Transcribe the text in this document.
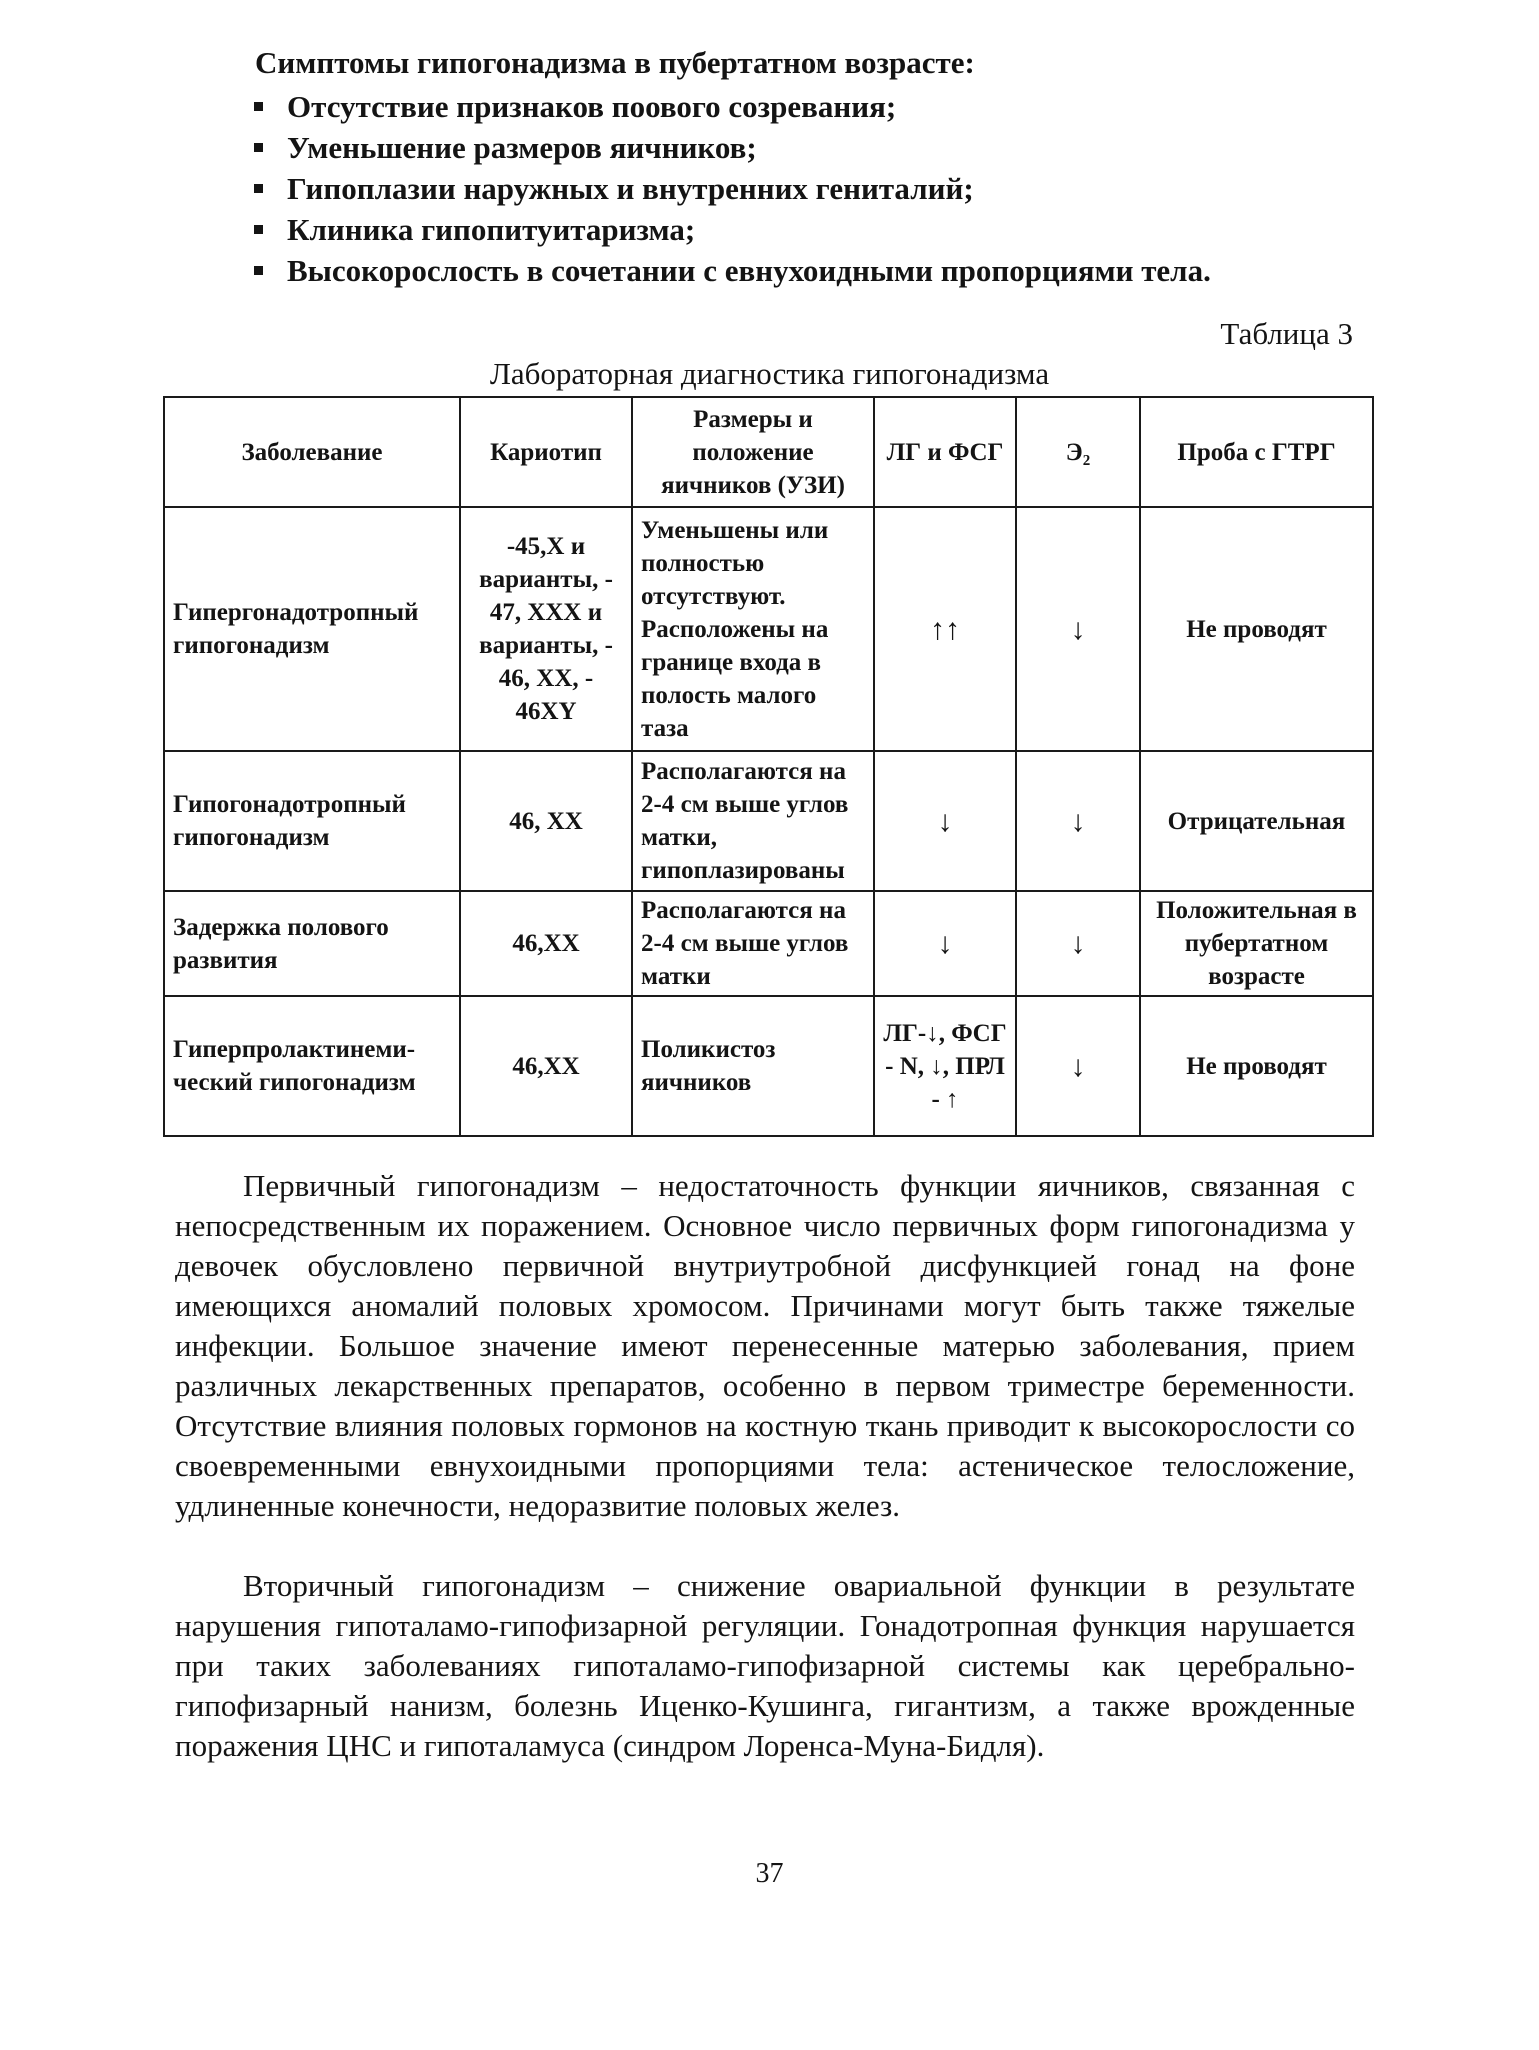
Симптомы гипогонадизма в пубертатном возрасте:
Отсутствие признаков поового созревания;
Уменьшение размеров яичников;
Гипоплазии наружных и внутренних гениталий;
Клиника гипопитуитаризма;
Высокорослость в сочетании с евнухоидными пропорциями тела.
Таблица 3
Лабораторная диагностика гипогонадизма
Заболевание	Кариотип	Размеры и положение яичников (УЗИ)	ЛГ и ФСГ	Э₂	Проба с ГТРГ
Гипергонадотропный гипогонадизм	-45,X и варианты, - 47, XXX и варианты, - 46, XX, - 46XY	Уменьшены или полностью отсутствуют. Расположены на границе входа в полость малого таза	↑↑	↓	Не проводят
Гипогонадотропный гипогонадизм	46, XX	Располагаются на 2-4 см выше углов матки, гипоплазированы	↓	↓	Отрицательная
Задержка полового развития	46,XX	Располагаются на 2-4 см выше углов матки	↓	↓	Положительная в пубертатном возрасте
Гиперпролактинеми-ческий гипогонадизм	46,XX	Поликистоз яичников	ЛГ-↓, ФСГ - N, ↓, ПРЛ - ↑	↓	Не проводят

Первичный гипогонадизм – недостаточность функции яичников, связанная с непосредственным их поражением. Основное число первичных форм гипогонадизма у девочек обусловлено первичной внутриутробной дисфункцией гонад на фоне имеющихся аномалий половых хромосом. Причинами могут быть также тяжелые инфекции. Большое значение имеют перенесенные матерью заболевания, прием различных лекарственных препаратов, особенно в первом триместре беременности. Отсутствие влияния половых гормонов на костную ткань приводит к высокорослости со своевременными евнухоидными пропорциями тела: астеническое телосложение, удлиненные конечности, недоразвитие половых желез.

Вторичный гипогонадизм – снижение овариальной функции в результате нарушения гипоталамо-гипофизарной регуляции. Гонадотропная функция нарушается при таких заболеваниях гипоталамо-гипофизарной системы как церебрально-гипофизарный нанизм, болезнь Иценко-Кушинга, гигантизм, а также врожденные поражения ЦНС и гипоталамуса (синдром Лоренса-Муна-Бидля).

37
